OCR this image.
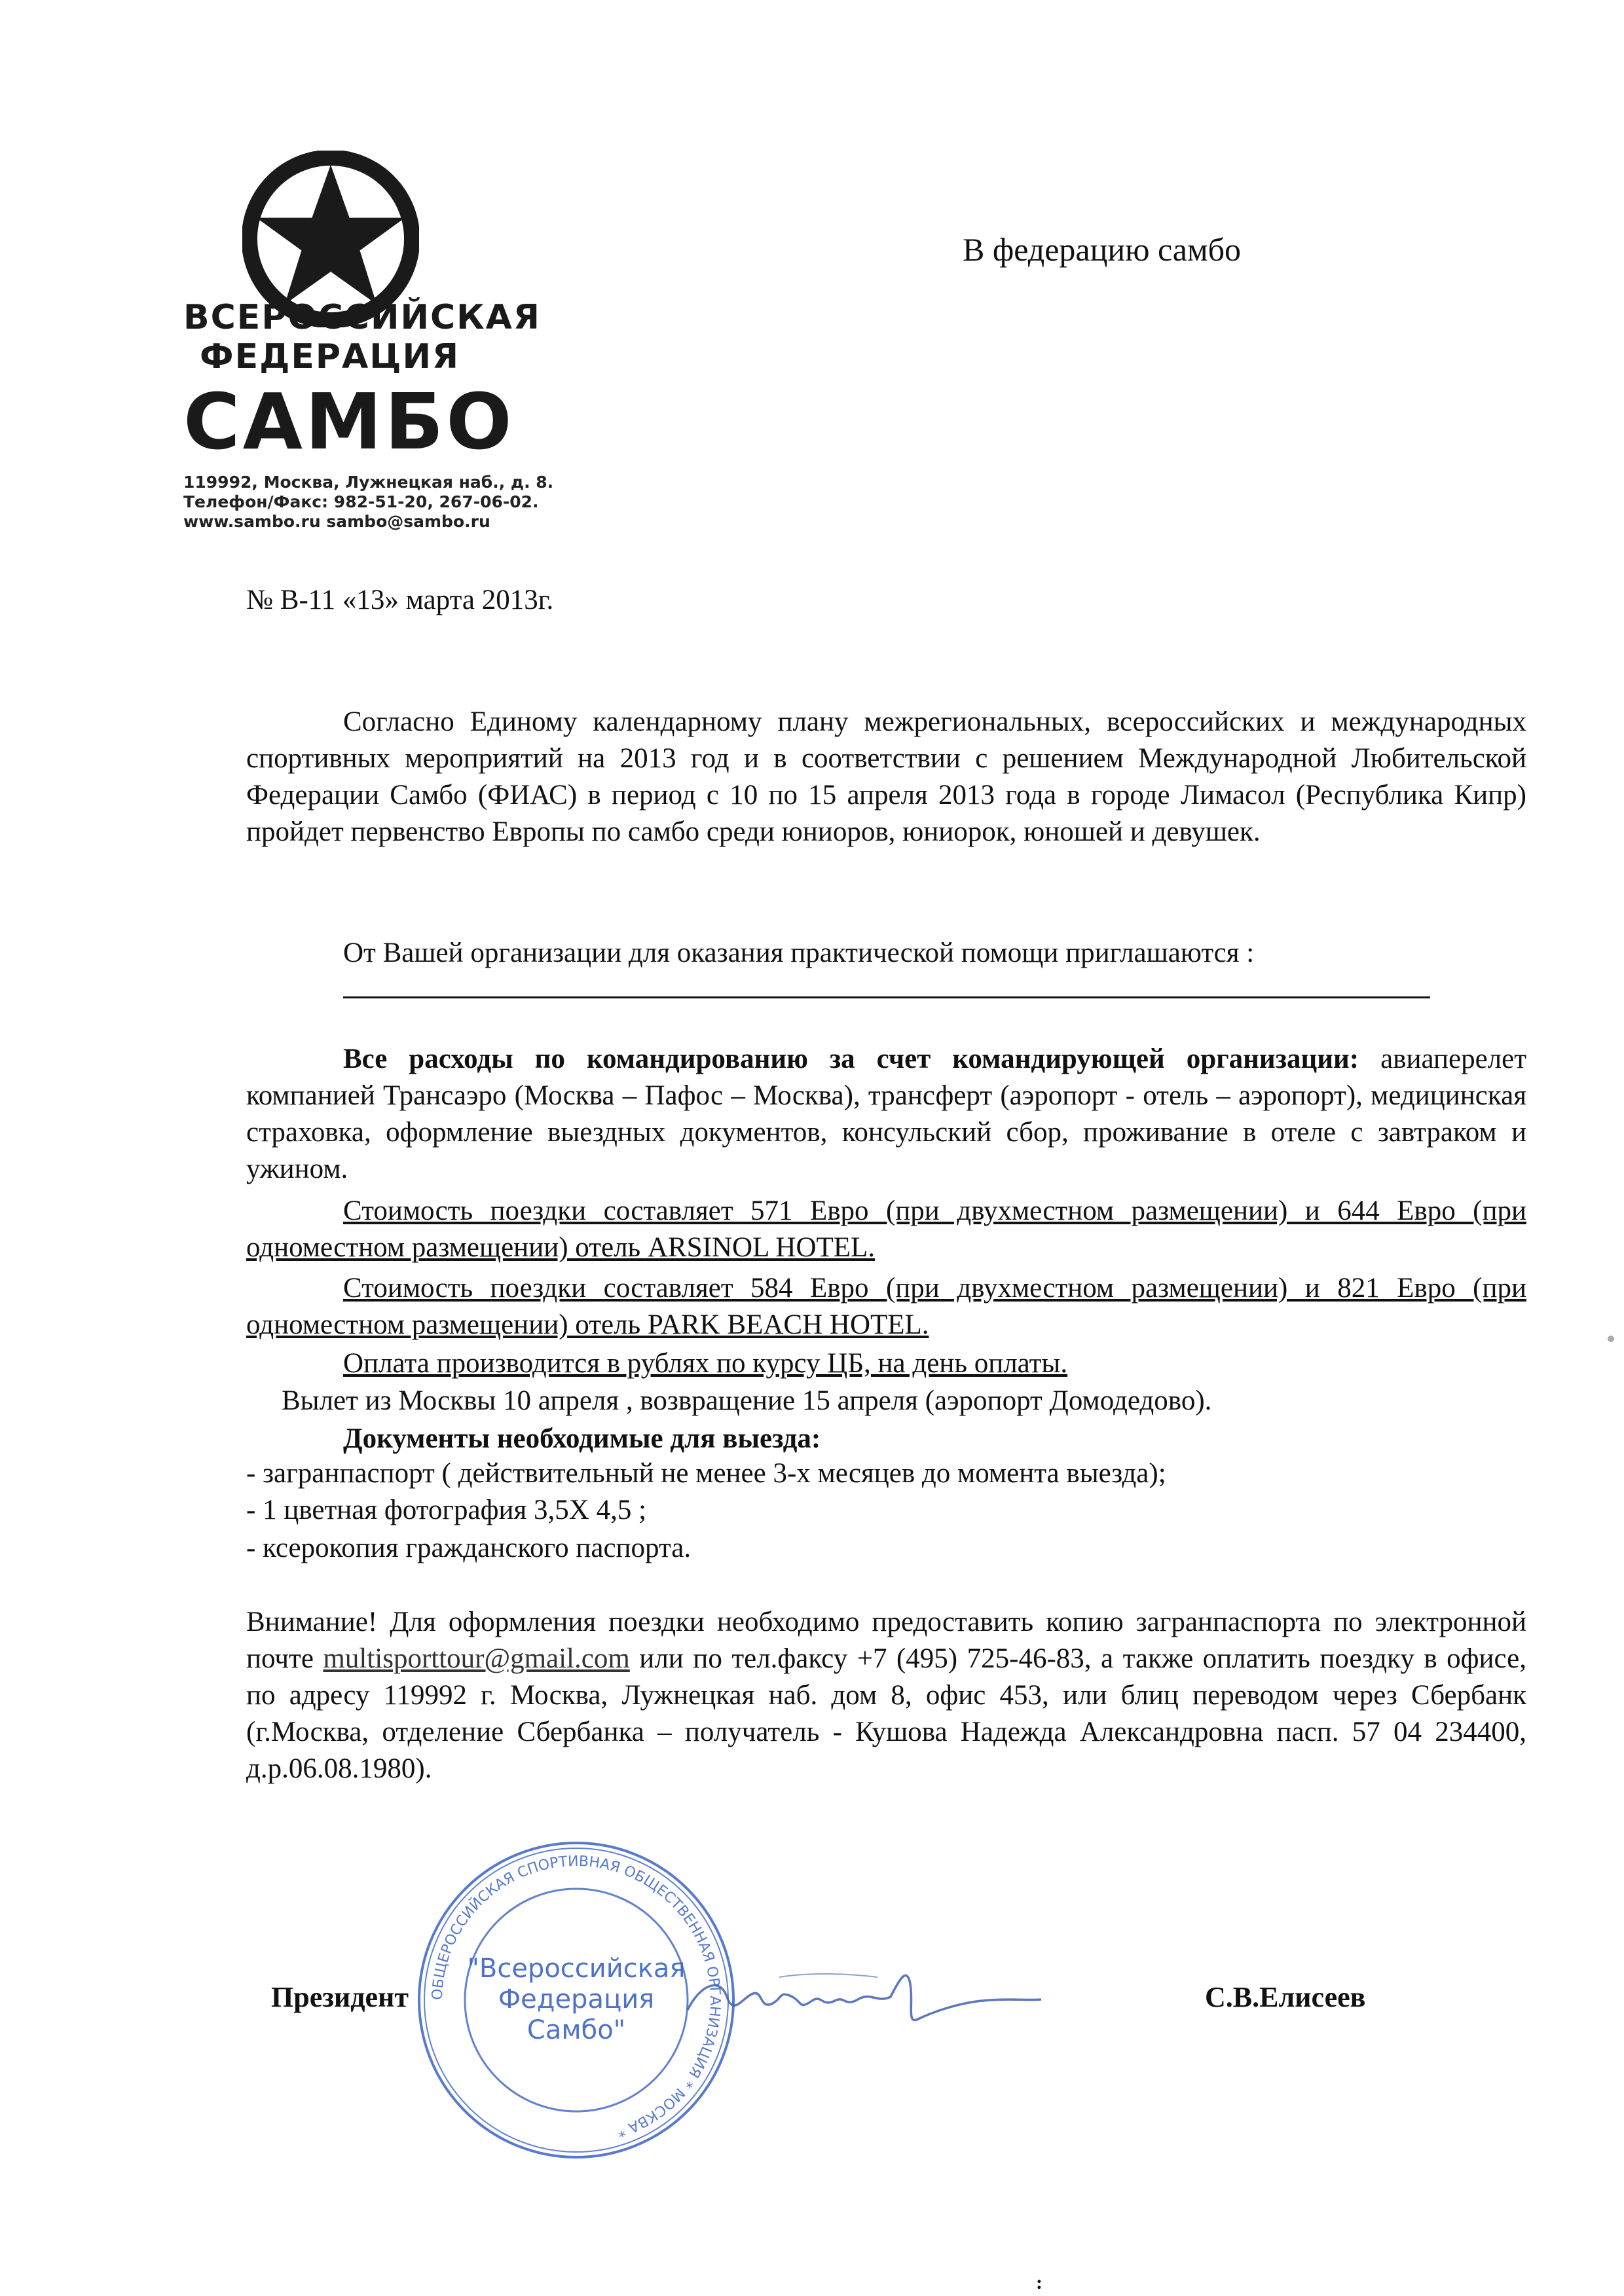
ВСЕРОССИЙСКАЯ
ФЕДЕРАЦИЯ
САМБО
119992, Москва, Лужнецкая наб., д. 8.
Телефон/Факс: 982-51-20, 267-06-02.
www.sambo.ru sambo@sambo.ru
В федерацию самбо
№ В-11 «13» марта 2013г.
Согласно Единому календарному плану межрегиональных, всероссийских и международных спортивных мероприятий на 2013 год и в соответствии с решением Международной Любительской Федерации Самбо (ФИАС) в период с 10 по 15 апреля 2013 года в городе Лимасол (Республика Кипр) пройдет первенство Европы по самбо среди юниоров, юниорок, юношей и девушек.
От Вашей организации для оказания практической помощи приглашаются :
Все расходы по командированию за счет командирующей организации: авиаперелет компанией Трансаэро (Москва – Пафос – Москва), трансферт (аэропорт - отель – аэропорт), медицинская страховка, оформление выездных документов, консульский сбор, проживание в отеле с завтраком и ужином.
Стоимость поездки составляет 571 Евро (при двухместном размещении) и 644 Евро (при одноместном размещении) отель ARSINOL HOTEL.
Стоимость поездки составляет 584 Евро (при двухместном размещении) и 821 Евро (при одноместном размещении) отель PARK BEACH HOTEL.
Оплата производится в рублях по курсу ЦБ, на день оплаты.
Вылет из Москвы 10 апреля , возвращение 15 апреля (аэропорт Домодедово).
Документы необходимые для выезда:
- загранпаспорт ( действительный не менее 3-х месяцев до момента выезда);
- 1 цветная фотография 3,5Х 4,5 ;
- ксерокопия гражданского паспорта.
Внимание! Для оформления поездки необходимо предоставить копию загранпаспорта по электронной почте multisporttour@gmail.com или по тел.факсу +7 (495) 725-46-83, а также оплатить поездку в офисе, по адресу 119992 г. Москва, Лужнецкая наб. дом 8, офис 453, или блиц переводом через Сбербанк (г.Москва, отделение Сбербанка – получатель - Кушова Надежда Александровна пасп. 57 04 234400, д.р.06.08.1980).
ОБЩЕРОССИЙСКАЯ СПОРТИВНАЯ ОБЩЕСТВЕННАЯ ОРГАНИЗАЦИЯ * МОСКВА *
"Всероссийская
Федерация
Самбо"
Президент	С.В.Елисеев
:
